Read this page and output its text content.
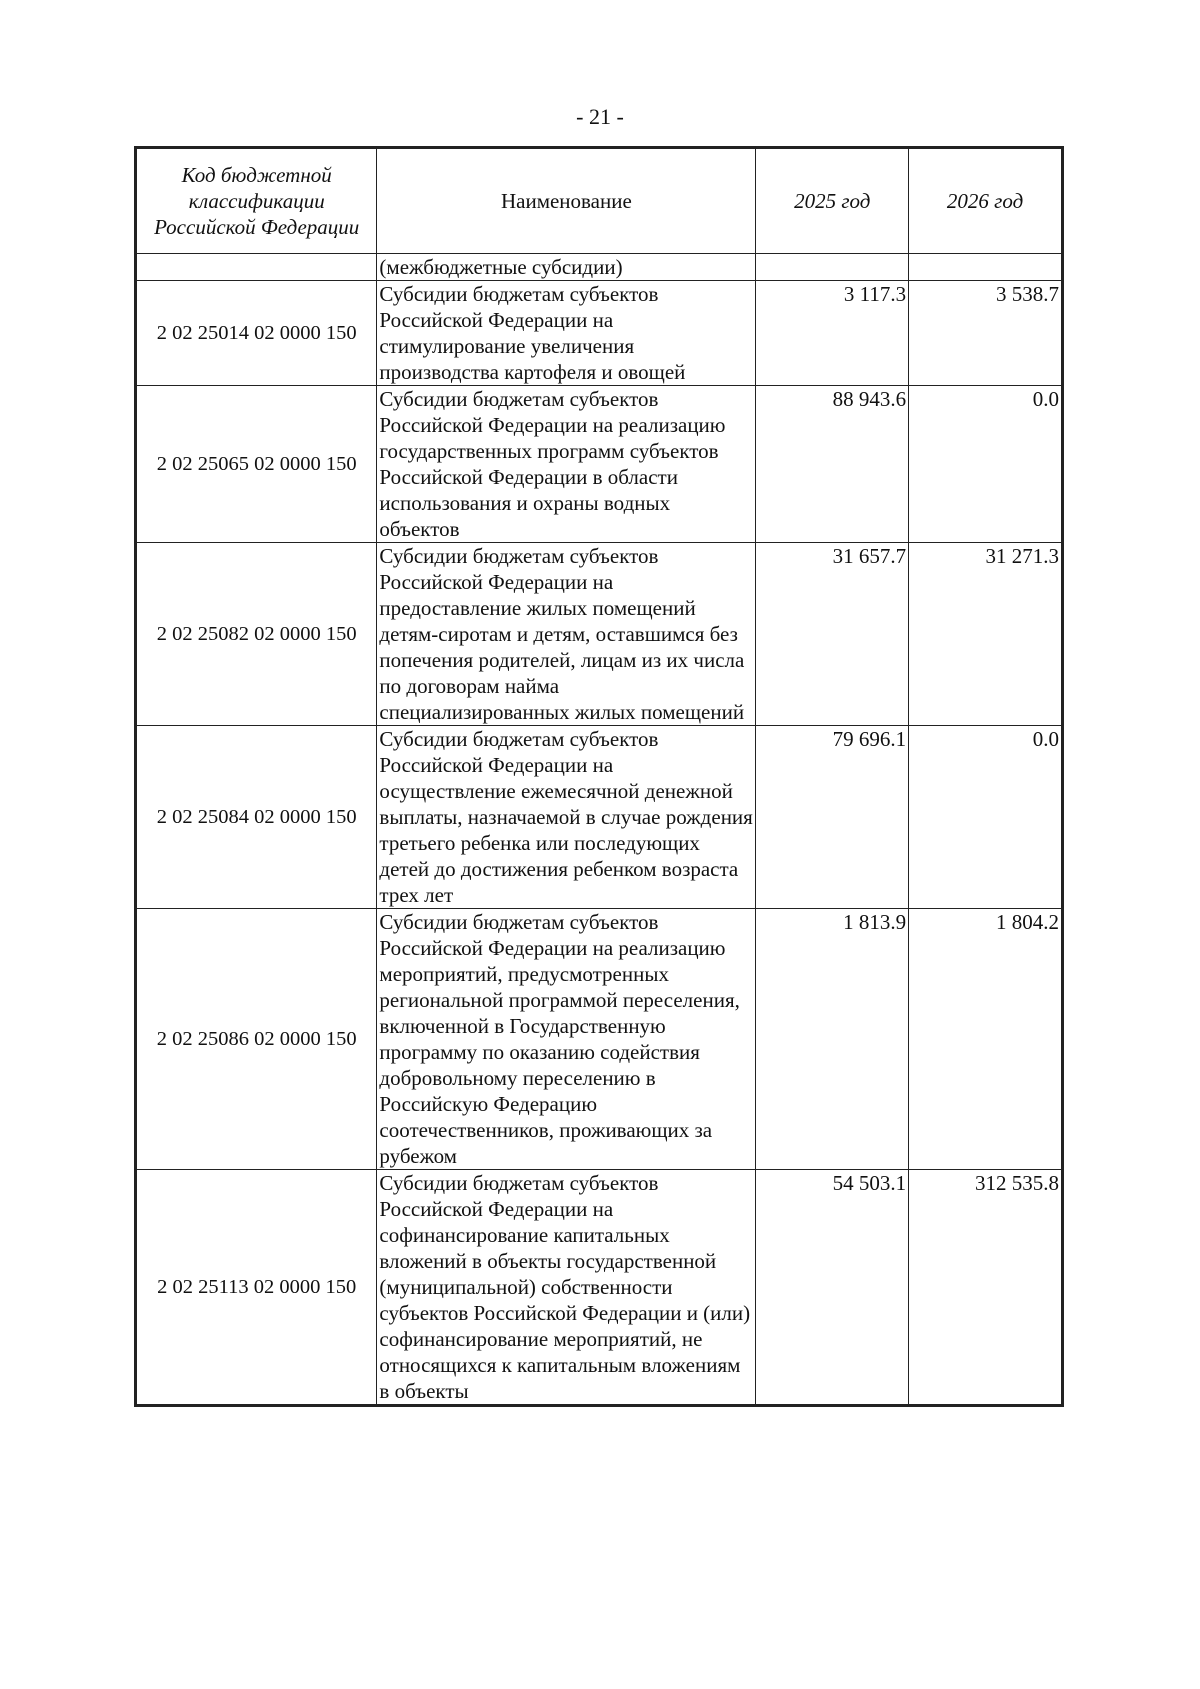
- 21 -
Код бюджетной классификации Российской Федерации	Наименование	2025 год	2026 год
	(межбюджетные субсидии)		
2 02 25014 02 0000 150	Субсидии бюджетам субъектов Российской Федерации на стимулирование увеличения производства картофеля и овощей	3 117.3	3 538.7
2 02 25065 02 0000 150	Субсидии бюджетам субъектов Российской Федерации на реализацию государственных программ субъектов Российской Федерации в области использования и охраны водных объектов	88 943.6	0.0
2 02 25082 02 0000 150	Субсидии бюджетам субъектов Российской Федерации на предоставление жилых помещений детям-сиротам и детям, оставшимся без попечения родителей, лицам из их числа по договорам найма специализированных жилых помещений	31 657.7	31 271.3
2 02 25084 02 0000 150	Субсидии бюджетам субъектов Российской Федерации на осуществление ежемесячной денежной выплаты, назначаемой в случае рождения третьего ребенка или последующих детей до достижения ребенком возраста трех лет	79 696.1	0.0
2 02 25086 02 0000 150	Субсидии бюджетам субъектов Российской Федерации на реализацию мероприятий, предусмотренных региональной программой переселения, включенной в Государственную программу по оказанию содействия добровольному переселению в Российскую Федерацию соотечественников, проживающих за рубежом	1 813.9	1 804.2
2 02 25113 02 0000 150	Субсидии бюджетам субъектов Российской Федерации на софинансирование капитальных вложений в объекты государственной (муниципальной) собственности субъектов Российской Федерации и (или) софинансирование мероприятий, не относящихся к капитальным вложениям в объекты	54 503.1	312 535.8
